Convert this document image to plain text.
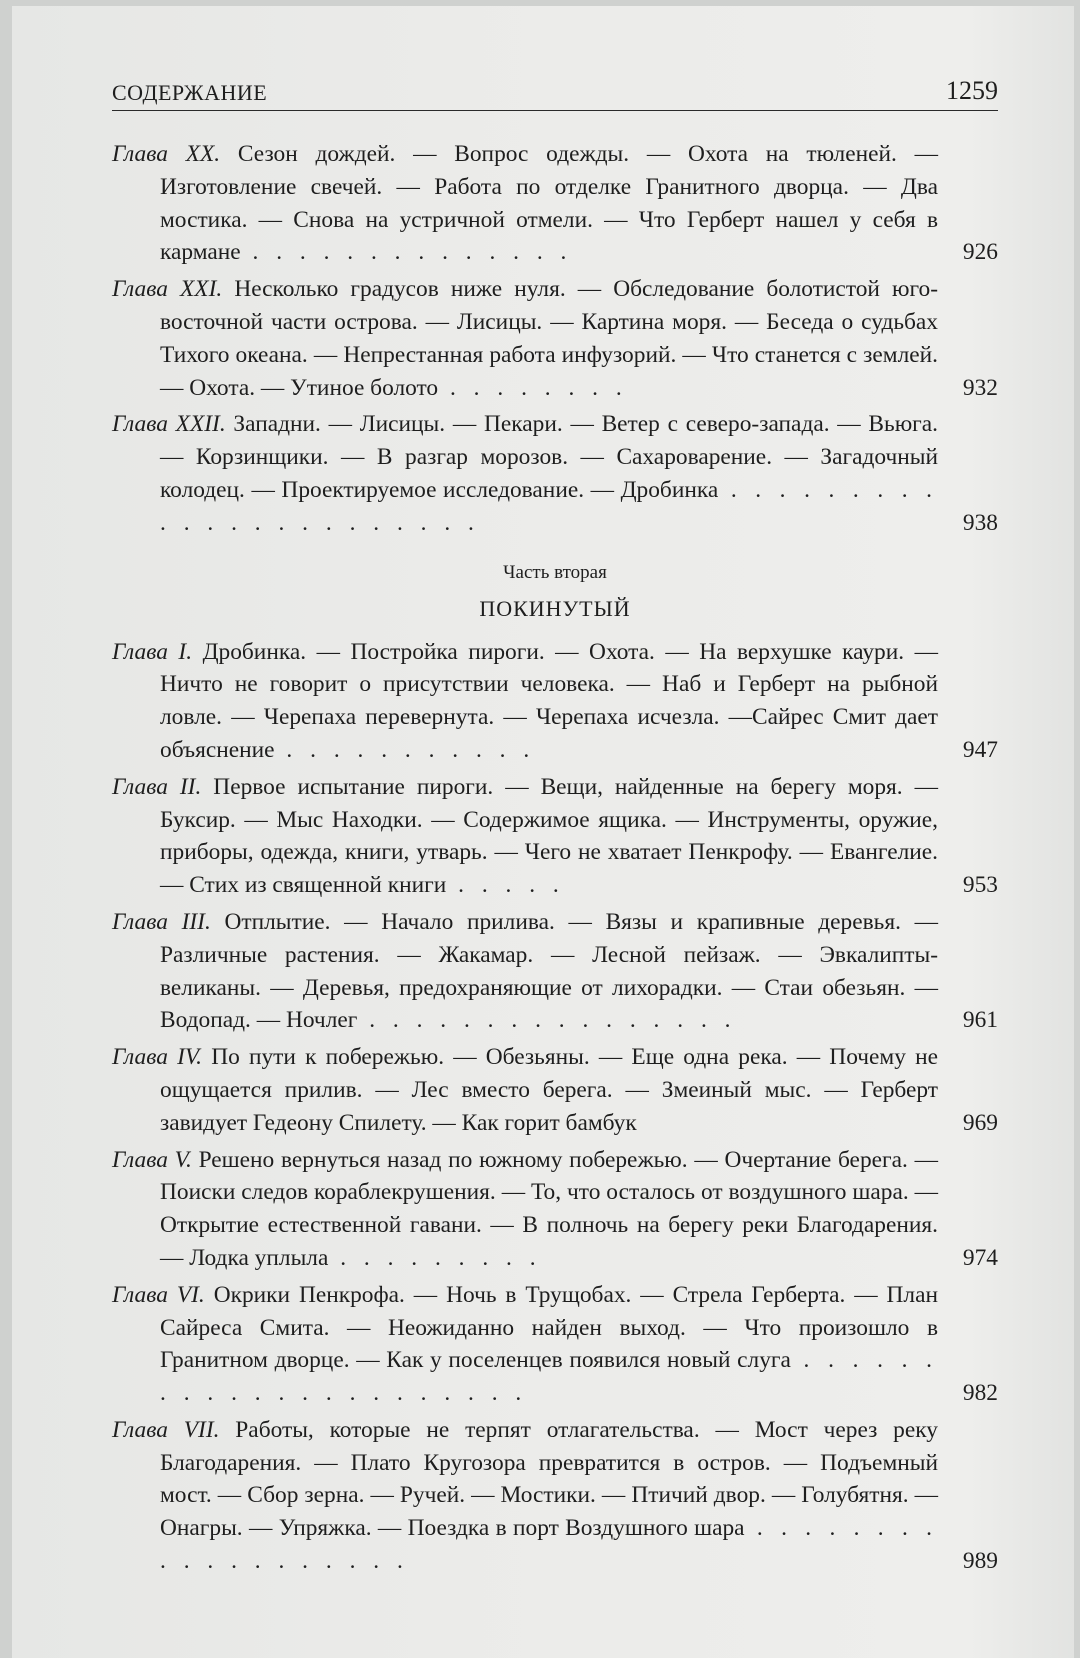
СОДЕРЖАНИЕ	1259
Глава XX. Сезон дождей. — Вопрос одежды. — Охота на тюленей. — Изготовление свечей. — Работа по отделке Гранитного дворца. — Два мостика. — Снова на устричной отмели. — Что Герберт нашел у себя в кармане . . . . . . . . . . . . . .	926
Глава XXI. Несколько градусов ниже нуля. — Обследование болотистой юго-восточной части острова. — Лисицы. — Картина моря. — Беседа о судьбах Тихого океана. — Непрестанная работа инфузорий. — Что станется с землей. — Охота. — Утиное болото . . . . . . . .	932
Глава XXII. Западни. — Лисицы. — Пекари. — Ветер с северо-запада. — Вьюга. — Корзинщики. — В разгар морозов. — Сахароварение. — Загадочный колодец. — Проектируемое исследование. — Дробинка . . . . . . . . . . . . . . . . . . . . . . .	938
Часть вторая
ПОКИНУТЫЙ
Глава I. Дробинка. — Постройка пироги. — Охота. — На верхушке каури. — Ничто не говорит о присутствии человека. — Наб и Герберт на рыбной ловле. — Черепаха перевернута. — Черепаха исчезла. —Сайрес Смит дает объяснение . . . . . . . . . . .	947
Глава II. Первое испытание пироги. — Вещи, найденные на берегу моря. — Буксир. — Мыс Находки. — Содержимое ящика. — Инструменты, оружие, приборы, одежда, книги, утварь. — Чего не хватает Пенкрофу. — Евангелие. — Стих из священной книги . . . . .	953
Глава III. Отплытие. — Начало прилива. — Вязы и крапивные деревья. — Различные растения. — Жакамар. — Лесной пейзаж. — Эвкалипты-великаны. — Деревья, предохраняющие от лихорадки. — Стаи обезьян. — Водопад. — Ночлег . . . . . . . . . . . . . . . .	961
Глава IV. По пути к побережью. — Обезьяны. — Еще одна река. — Почему не ощущается прилив. — Лес вместо берега. — Змеиный мыс. — Герберт завидует Гедеону Спилету. — Как горит бамбук	969
Глава V. Решено вернуться назад по южному побережью. — Очертание берега. — Поиски следов кораблекрушения. — То, что осталось от воздушного шара. — Открытие естественной гавани. — В полночь на берегу реки Благодарения. — Лодка уплыла . . . . . . . . .	974
Глава VI. Окрики Пенкрофа. — Ночь в Трущобах. — Стрела Герберта. — План Сайреса Смита. — Неожиданно найден выход. — Что произошло в Гранитном дворце. — Как у поселенцев появился новый слуга . . . . . . . . . . . . . . . . . . . . . .	982
Глава VII. Работы, которые не терпят отлагательства. — Мост через реку Благодарения. — Плато Кругозора превратится в остров. — Подъемный мост. — Сбор зерна. — Ручей. — Мостики. — Птичий двор. — Голубятня. — Онагры. — Упряжка. — Поездка в порт Воздушного шара . . . . . . . . . . . . . . . . . . .	989
